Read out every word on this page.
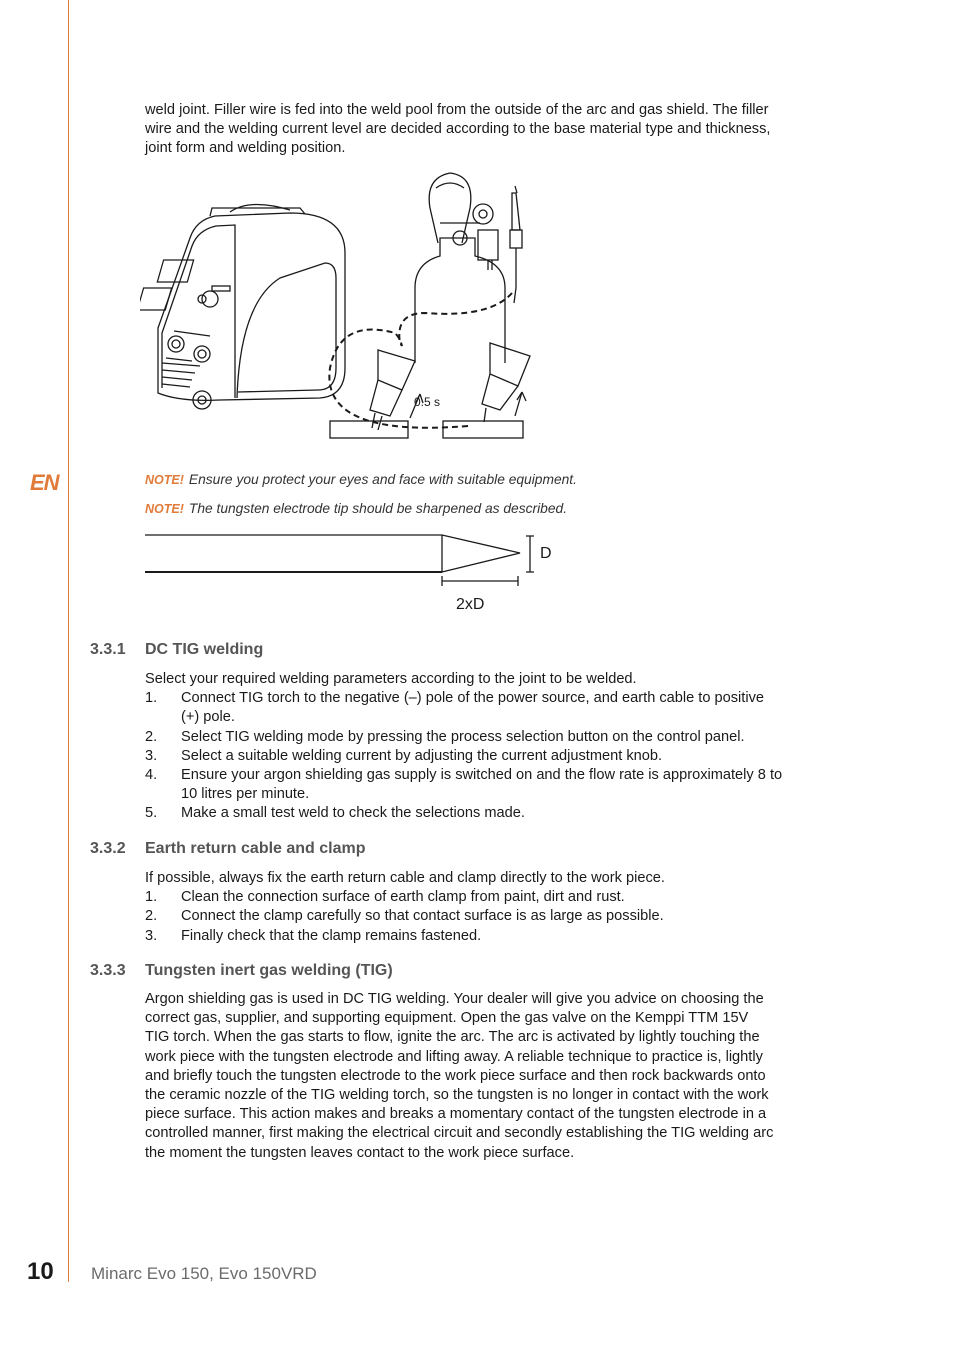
EN

weld joint. Filler wire is fed into the weld pool from the outside of the arc and gas shield. The filler wire and the welding current level are decided according to the base material type and thickness, joint form and welding position.

0.5 s
NOTE! Ensure you protect your eyes and face with suitable equipment.
NOTE! The tungsten electrode tip should be sharpened as described.
D
2xD
3.3.1 DC TIG welding

Select your required welding parameters according to the joint to be welded.

1. Connect TIG torch to the negative (–) pole of the power source, and earth cable to positive (+) pole.
2. Select TIG welding mode by pressing the process selection button on the control panel.
3. Select a suitable welding current by adjusting the current adjustment knob.
4. Ensure your argon shielding gas supply is switched on and the flow rate is approximately 8 to 10 litres per minute.
5. Make a small test weld to check the selections made.
3.3.2 Earth return cable and clamp

If possible, always fix the earth return cable and clamp directly to the work piece.

1. Clean the connection surface of earth clamp from paint, dirt and rust.
2. Connect the clamp carefully so that contact surface is as large as possible.
3. Finally check that the clamp remains fastened.
3.3.3 Tungsten inert gas welding (TIG)

Argon shielding gas is used in DC TIG welding. Your dealer will give you advice on choosing the correct gas, supplier, and supporting equipment. Open the gas valve on the Kemppi TTM 15V TIG torch. When the gas starts to flow, ignite the arc. The arc is activated by lightly touching the work piece with the tungsten electrode and lifting away. A reliable technique to practice is, lightly and briefly touch the tungsten electrode to the work piece surface and then rock backwards onto the ceramic nozzle of the TIG welding torch, so the tungsten is no longer in contact with the work piece surface. This action makes and breaks a momentary contact of the tungsten electrode in a controlled manner, first making the electrical circuit and secondly establishing the TIG welding arc the moment the tungsten leaves contact to the work piece surface.

10 Minarc Evo 150, Evo 150VRD
